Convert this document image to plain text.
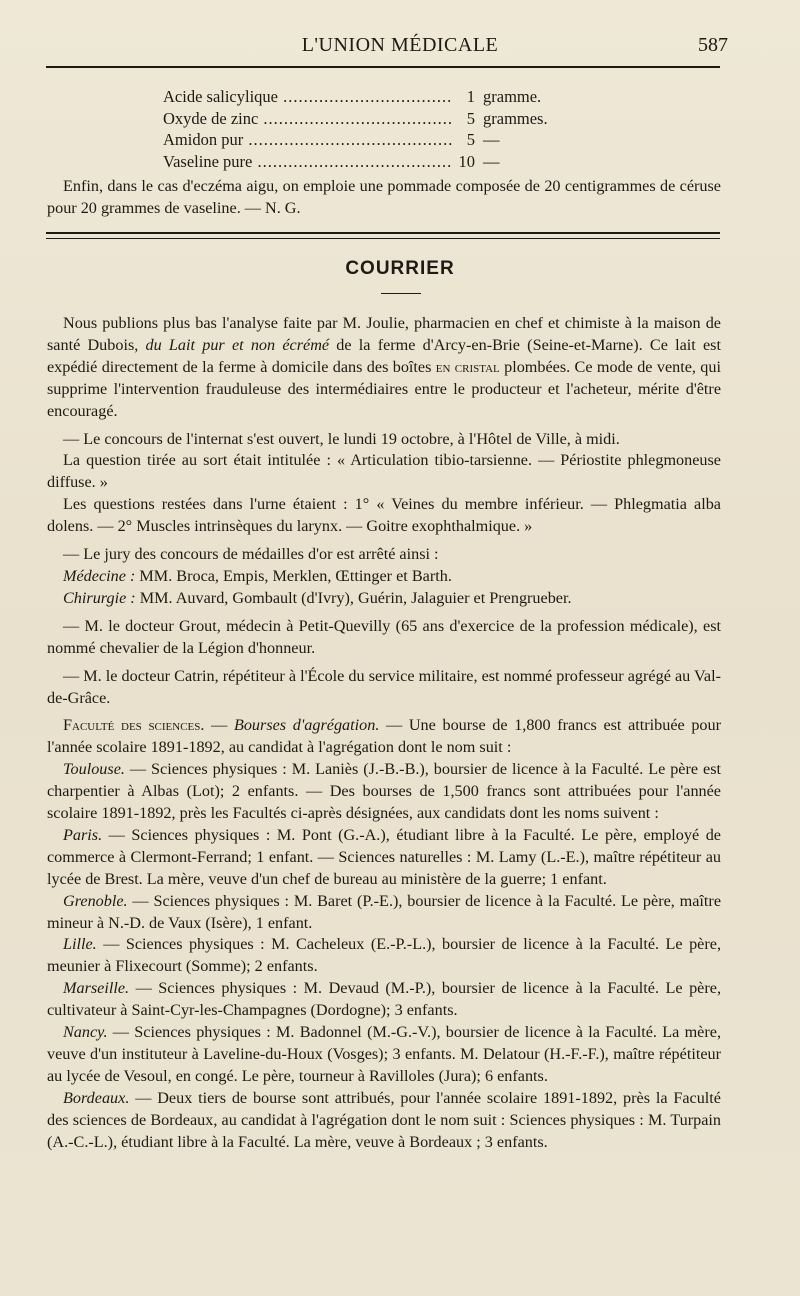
L'UNION MÉDICALE	587
Acide salicylique .....	1 gramme.
Oxyde de zinc .....	5 grammes.
Amidon pur .....	5 —
Vaseline pure .....	10 —

Enfin, dans le cas d'eczéma aigu, on emploie une pommade composée de 20 centigrammes de céruse pour 20 grammes de vaseline. — N. G.

COURRIER

Nous publions plus bas l'analyse faite par M. Joulie, pharmacien en chef et chimiste à la maison de santé Dubois, du Lait pur et non écrémé de la ferme d'Arcy-en-Brie (Seine-et-Marne). Ce lait est expédié directement de la ferme à domicile dans des boîtes en cristal plombées. Ce mode de vente, qui supprime l'intervention frauduleuse des intermédiaires entre le producteur et l'acheteur, mérite d'être encouragé.

— Le concours de l'internat s'est ouvert, le lundi 19 octobre, à l'Hôtel de Ville, à midi.

La question tirée au sort était intitulée : « Articulation tibio-tarsienne. — Périostite phlegmoneuse diffuse. »

Les questions restées dans l'urne étaient : 1° « Veines du membre inférieur. — Phlegmatia alba dolens. — 2° Muscles intrinsèques du larynx. — Goitre exophthalmique. »

— Le jury des concours de médailles d'or est arrêté ainsi :

Médecine : MM. Broca, Empis, Merklen, Œttinger et Barth.

Chirurgie : MM. Auvard, Gombault (d'Ivry), Guérin, Jalaguier et Prengrueber.

— M. le docteur Grout, médecin à Petit-Quevilly (65 ans d'exercice de la profession médicale), est nommé chevalier de la Légion d'honneur.

— M. le docteur Catrin, répétiteur à l'École du service militaire, est nommé professeur agrégé au Val-de-Grâce.

Faculté des sciences. — Bourses d'agrégation. — Une bourse de 1,800 francs est attribuée pour l'année scolaire 1891-1892, au candidat à l'agrégation dont le nom suit :

Toulouse. — Sciences physiques : M. Laniès (J.-B.-B.), boursier de licence à la Faculté. Le père est charpentier à Albas (Lot); 2 enfants. — Des bourses de 1,500 francs sont attribuées pour l'année scolaire 1891-1892, près les Facultés ci-après désignées, aux candidats dont les noms suivent :

Paris. — Sciences physiques : M. Pont (G.-A.), étudiant libre à la Faculté. Le père, employé de commerce à Clermont-Ferrand; 1 enfant. — Sciences naturelles : M. Lamy (L.-E.), maître répétiteur au lycée de Brest. La mère, veuve d'un chef de bureau au ministère de la guerre; 1 enfant.

Grenoble. — Sciences physiques : M. Baret (P.-E.), boursier de licence à la Faculté. Le père, maître mineur à N.-D. de Vaux (Isère), 1 enfant.

Lille. — Sciences physiques : M. Cacheleux (E.-P.-L.), boursier de licence à la Faculté. Le père, meunier à Flixecourt (Somme); 2 enfants.

Marseille. — Sciences physiques : M. Devaud (M.-P.), boursier de licence à la Faculté. Le père, cultivateur à Saint-Cyr-les-Champagnes (Dordogne); 3 enfants.

Nancy. — Sciences physiques : M. Badonnel (M.-G.-V.), boursier de licence à la Faculté. La mère, veuve d'un instituteur à Laveline-du-Houx (Vosges); 3 enfants. M. Delatour (H.-F.-F.), maître répétiteur au lycée de Vesoul, en congé. Le père, tourneur à Ravilloles (Jura); 6 enfants.

Bordeaux. — Deux tiers de bourse sont attribués, pour l'année scolaire 1891-1892, près la Faculté des sciences de Bordeaux, au candidat à l'agrégation dont le nom suit : Sciences physiques : M. Turpain (A.-C.-L.), étudiant libre à la Faculté. La mère, veuve à Bordeaux ; 3 enfants.
